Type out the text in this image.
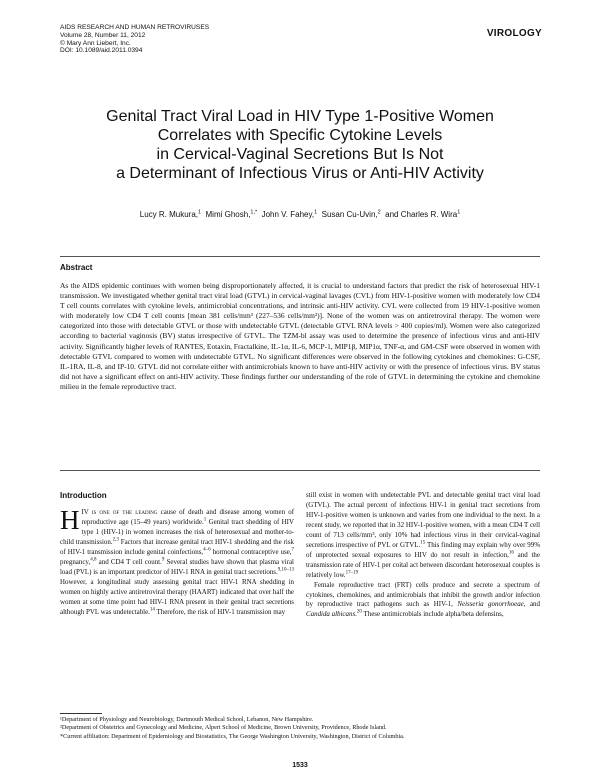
AIDS RESEARCH AND HUMAN RETROVIRUSES
Volume 28, Number 11, 2012
© Mary Ann Liebert, Inc.
DOI: 10.1089/aid.2011.0394
VIROLOGY
Genital Tract Viral Load in HIV Type 1-Positive Women
Correlates with Specific Cytokine Levels
in Cervical-Vaginal Secretions But Is Not
a Determinant of Infectious Virus or Anti-HIV Activity
Lucy R. Mukura,$^1$ Mimi Ghosh,$^{1,*}$ John V. Fahey,$^1$ Susan Cu-Uvin,$^2$ and Charles R. Wira$^1$
Abstract
As the AIDS epidemic continues with women being disproportionately affected, it is crucial to understand factors that predict the risk of heterosexual HIV-1 transmission. We investigated whether genital tract viral load (GTVL) in cervical-vaginal lavages (CVL) from HIV-1-positive women with moderately low CD4 T cell counts correlates with cytokine levels, antimicrobial concentrations, and intrinsic anti-HIV activity. CVL were collected from 19 HIV-1-positive women with moderately low CD4 T cell counts [mean 381 cells/mm³ (227–536 cells/mm³)]. None of the women was on antiretroviral therapy. The women were categorized into those with detectable GTVL or those with undetectable GTVL (detectable GTVL RNA levels > 400 copies/ml). Women were also categorized according to bacterial vaginosis (BV) status irrespective of GTVL. The TZM-bl assay was used to determine the presence of infectious virus and anti-HIV activity. Significantly higher levels of RANTES, Eotaxin, Fractalkine, IL-1α, IL-6, MCP-1, MIP1β, MIP1α, TNF-α, and GM-CSF were observed in women with detectable GTVL compared to women with undetectable GTVL. No significant differences were observed in the following cytokines and chemokines: G-CSF, IL-1RA, IL-8, and IP-10. GTVL did not correlate either with antimicrobials known to have anti-HIV activity or with the presence of infectious virus. BV status did not have a significant effect on anti-HIV activity. These findings further our understanding of the role of GTVL in determining the cytokine and chemokine milieu in the female reproductive tract.
Introduction

HIV is one of the leading cause of death and disease among women of reproductive age (15–49 years) worldwide.$^1$ Genital tract shedding of HIV type 1 (HIV-1) in women increases the risk of heterosexual and mother-to-child transmission.$^{2,3}$ Factors that increase genital tract HIV-1 shedding and the risk of HIV-1 transmission include genital coinfections,$^{4-6}$ hormonal contraceptive use,$^7$ pregnancy,$^{4,8}$ and CD4 T cell count.$^9$ Several studies have shown that plasma viral load (PVL) is an important predictor of HIV-1 RNA in genital tract secretions.$^{9,10-13}$ However, a longitudinal study assessing genital tract HIV-1 RNA shedding in women on highly active antiretroviral therapy (HAART) indicated that over half the women at some time point had HIV-1 RNA present in their genital tract secretions although PVL was undetectable.$^{14}$ Therefore, the risk of HIV-1 transmission may

still exist in women with undetectable PVL and detectable genital tract viral load (GTVL). The actual percent of infectious HIV-1 in genital tract secretions from HIV-1-positive women is unknown and varies from one individual to the next. In a recent study, we reported that in 32 HIV-1-positive women, with a mean CD4 T cell count of 713 cells/mm³, only 10% had infectious virus in their cervical-vaginal secretions irrespective of PVL or GTVL.$^{15}$ This finding may explain why over 99% of unprotected sexual exposures to HIV do not result in infection,$^{16}$ and the transmission rate of HIV-1 per coital act between discordant heterosexual couples is relatively low.$^{17-19}$

Female reproductive tract (FRT) cells produce and secrete a spectrum of cytokines, chemokines, and antimicrobials that inhibit the growth and/or infection by reproductive tract pathogens such as HIV-1, Neisseria gonorrhoeae, and Candida albicans.$^{20}$ These antimicrobials include alpha/beta defensins,

¹Department of Physiology and Neurobiology, Dartmouth Medical School, Lebanon, New Hampshire.
²Department of Obstetrics and Gynecology and Medicine, Alpert School of Medicine, Brown University, Providence, Rhode Island.
*Current affiliation: Department of Epidemiology and Biostatistics, The George Washington University, Washington, District of Columbia.
1533
